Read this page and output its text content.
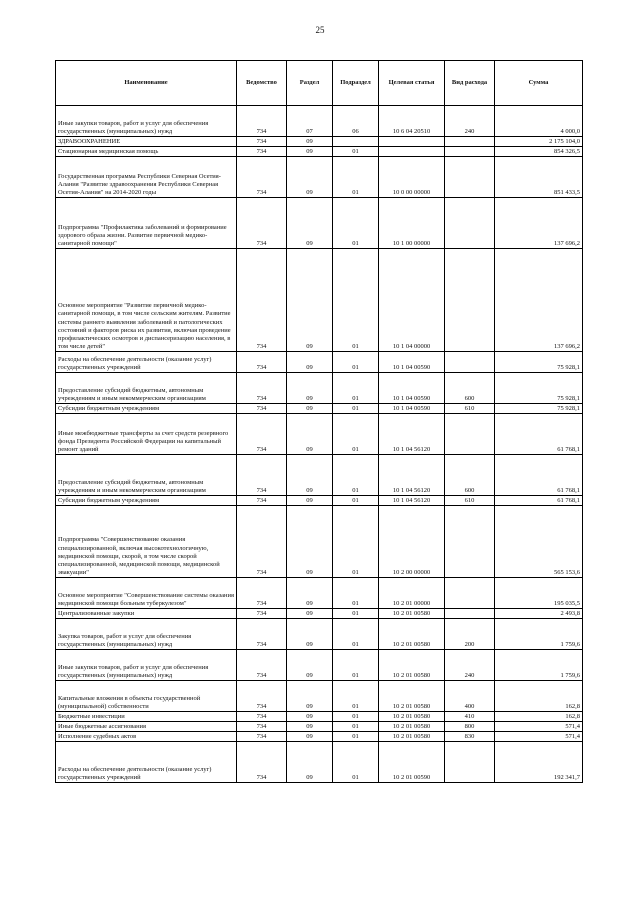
25
Наименование	Ведомство	Раздел	Подраздел	Целевая статья	Вид расхода	Сумма
Иные закупки товаров, работ и услуг для обеспечения государственных (муниципальных) нужд	734	07	06	10 6 04 20510	240	4 000,0
ЗДРАВООХРАНЕНИЕ	734	09				2 175 104,0
Стационарная медицинская помощь	734	09	01			854 326,5
Государственная программа Республики Северная Осетия-Алания "Развитие здравоохранения Республики Северная Осетия-Алания" на 2014-2020 годы	734	09	01	10 0 00 00000		851 433,5
Подпрограмма "Профилактика заболеваний и формирование здорового образа жизни. Развитие первичной медико-санитарной помощи"	734	09	01	10 1 00 00000		137 696,2
Основное мероприятие "Развитие первичной медико-санитарной помощи, в том числе сельским жителям. Развитие системы раннего выявления заболеваний и патологических состояний и факторов риска их развития, включая проведение профилактических осмотров и диспансеризацию населения, в том числе детей"	734	09	01	10 1 04 00000		137 696,2
Расходы на обеспечение деятельности (оказание услуг) государственных учреждений	734	09	01	10 1 04 00590		75 928,1
Предоставление субсидий бюджетным, автономным учреждениям и иным некоммерческим организациям	734	09	01	10 1 04 00590	600	75 928,1
Субсидии бюджетным учреждениям	734	09	01	10 1 04 00590	610	75 928,1
Иные межбюджетные трансферты за счет средств резервного фонда Президента Российской Федерации на капитальный ремонт зданий	734	09	01	10 1 04 56120		61 768,1
Предоставление субсидий бюджетным, автономным учреждениям и иным некоммерческим организациям	734	09	01	10 1 04 56120	600	61 768,1
Субсидии бюджетным учреждениям	734	09	01	10 1 04 56120	610	61 768,1
Подпрограмма "Совершенствование оказания специализированной, включая высокотехнологичную, медицинской помощи, скорой, в том числе скорой специализированной, медицинской помощи, медицинской эвакуации"	734	09	01	10 2 00 00000		565 153,6
Основное мероприятие "Совершенствование системы оказания медицинской помощи больным туберкулезом"	734	09	01	10 2 01 00000		195 035,5
Централизованные закупки	734	09	01	10 2 01 00580		2 493,8
Закупка товаров, работ и услуг для обеспечения государственных (муниципальных) нужд	734	09	01	10 2 01 00580	200	1 759,6
Иные закупки товаров, работ и услуг для обеспечения государственных (муниципальных) нужд	734	09	01	10 2 01 00580	240	1 759,6
Капитальные вложения в объекты государственной (муниципальной) собственности	734	09	01	10 2 01 00580	400	162,8
Бюджетные инвестиции	734	09	01	10 2 01 00580	410	162,8
Иные бюджетные ассигнования	734	09	01	10 2 01 00580	800	571,4
Исполнение судебных актов	734	09	01	10 2 01 00580	830	571,4
Расходы на обеспечение деятельности (оказание услуг) государственных учреждений	734	09	01	10 2 01 00590		192 341,7
